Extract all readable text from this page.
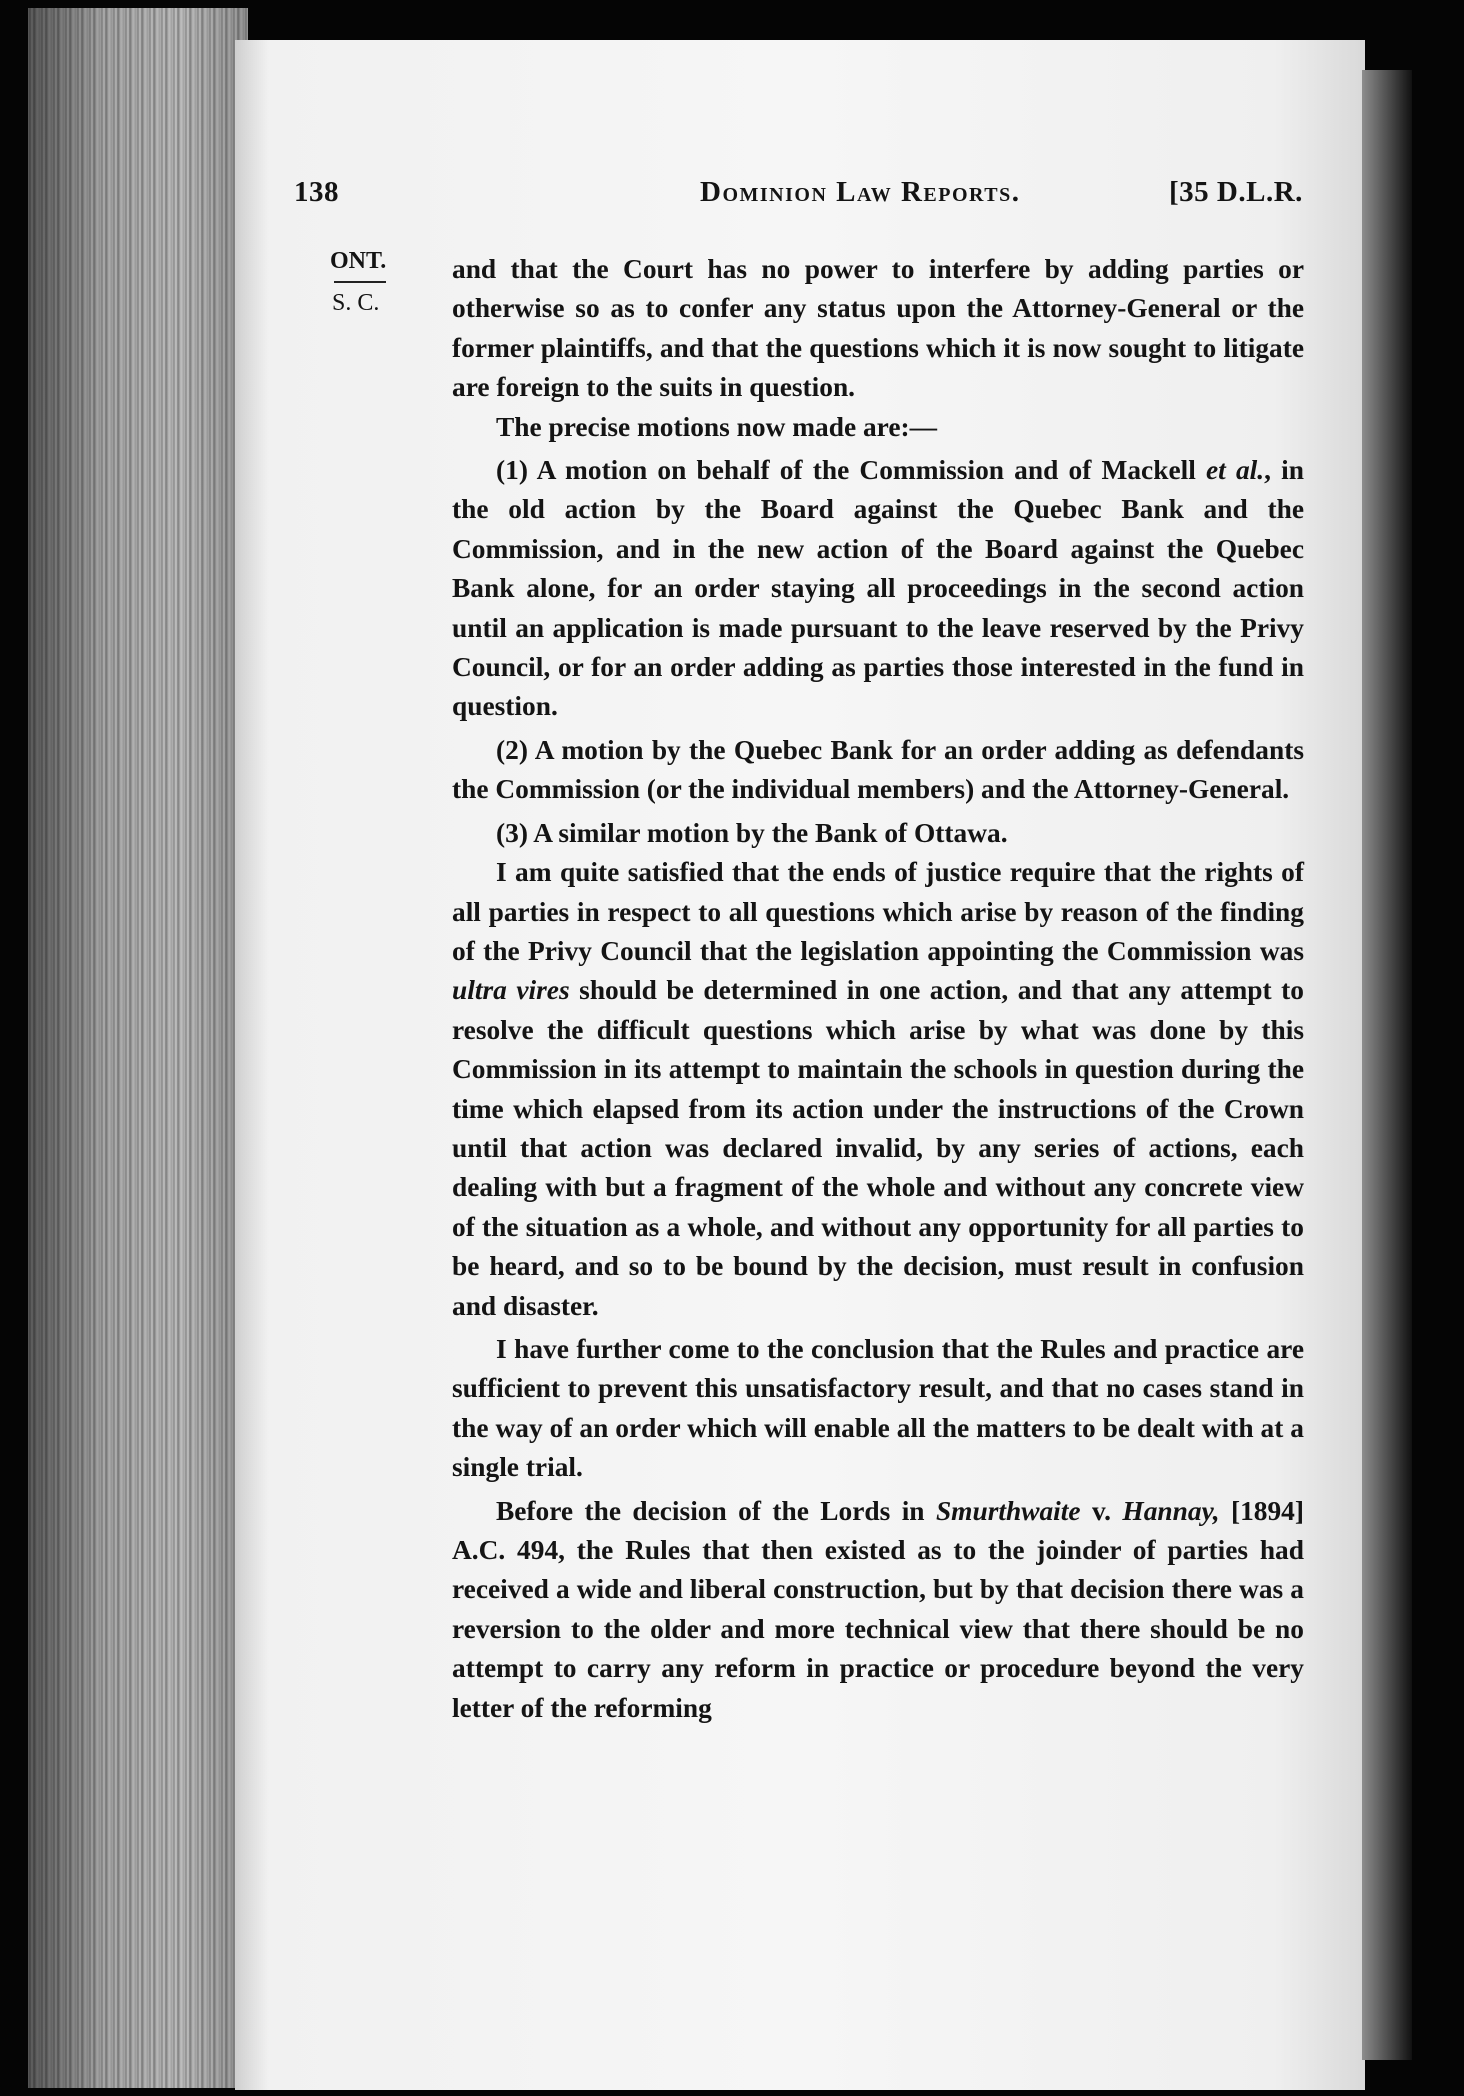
138	Dominion Law Reports.	[35 D.L.R.
ONT.
S. C.

and that the Court has no power to interfere by adding parties or otherwise so as to confer any status upon the Attorney-General or the former plaintiffs, and that the questions which it is now sought to litigate are foreign to the suits in question.

The precise motions now made are:—

(1) A motion on behalf of the Commission and of Mackell et al., in the old action by the Board against the Quebec Bank and the Commission, and in the new action of the Board against the Quebec Bank alone, for an order staying all proceedings in the second action until an application is made pursuant to the leave reserved by the Privy Council, or for an order adding as parties those interested in the fund in question.

(2) A motion by the Quebec Bank for an order adding as defendants the Commission (or the individual members) and the Attorney-General.

(3) A similar motion by the Bank of Ottawa.

I am quite satisfied that the ends of justice require that the rights of all parties in respect to all questions which arise by reason of the finding of the Privy Council that the legislation appointing the Commission was ultra vires should be determined in one action, and that any attempt to resolve the difficult questions which arise by what was done by this Commission in its attempt to maintain the schools in question during the time which elapsed from its action under the instructions of the Crown until that action was declared invalid, by any series of actions, each dealing with but a fragment of the whole and without any concrete view of the situation as a whole, and without any opportunity for all parties to be heard, and so to be bound by the decision, must result in confusion and disaster.

I have further come to the conclusion that the Rules and practice are sufficient to prevent this unsatisfactory result, and that no cases stand in the way of an order which will enable all the matters to be dealt with at a single trial.

Before the decision of the Lords in Smurthwaite v. Hannay, [1894] A.C. 494, the Rules that then existed as to the joinder of parties had received a wide and liberal construction, but by that decision there was a reversion to the older and more technical view that there should be no attempt to carry any reform in practice or procedure beyond the very letter of the reforming
